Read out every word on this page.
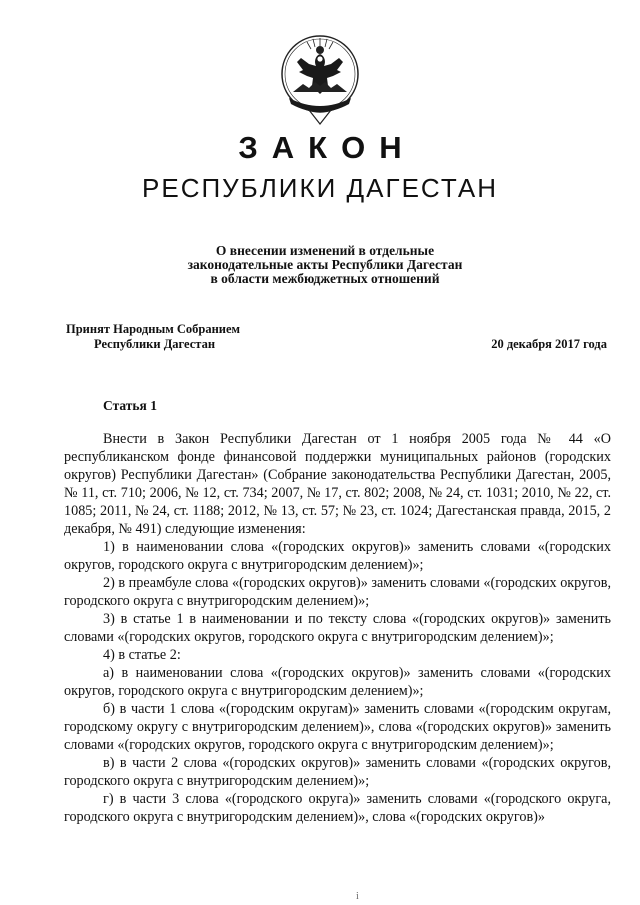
ЗАКОН
РЕСПУБЛИКИ ДАГЕСТАН
О внесении изменений в отдельные
законодательные акты Республики Дагестан
в области межбюджетных отношений
Принят Народным Собранием
Республики Дагестан	20 декабря 2017 года
Статья 1

Внести в Закон Республики Дагестан от 1 ноября 2005 года № 44 «О республиканском фонде финансовой поддержки муниципальных районов (городских округов) Республики Дагестан» (Собрание законодательства Республики Дагестан, 2005, № 11, ст. 710; 2006, № 12, ст. 734; 2007, № 17, ст. 802; 2008, № 24, ст. 1031; 2010, № 22, ст. 1085; 2011, № 24, ст. 1188; 2012, № 13, ст. 57; № 23, ст. 1024; Дагестанская правда, 2015, 2 декабря, № 491) следующие изменения:

1) в наименовании слова «(городских округов)» заменить словами «(городских округов, городского округа с внутригородским делением)»;

2) в преамбуле слова «(городских округов)» заменить словами «(городских округов, городского округа с внутригородским делением)»;

3) в статье 1 в наименовании и по тексту слова «(городских округов)» заменить словами «(городских округов, городского округа с внутригородским делением)»;

4) в статье 2:

а) в наименовании слова «(городских округов)» заменить словами «(городских округов, городского округа с внутригородским делением)»;

б) в части 1 слова «(городским округам)» заменить словами «(городским округам, городскому округу с внутригородским делением)», слова «(городских округов)» заменить словами «(городских округов, городского округа с внутригородским делением)»;

в) в части 2 слова «(городских округов)» заменить словами «(городских округов, городского округа с внутригородским делением)»;

г) в части 3 слова «(городского округа)» заменить словами «(городского округа, городского округа с внутригородским делением)», слова «(городских округов)»

і
